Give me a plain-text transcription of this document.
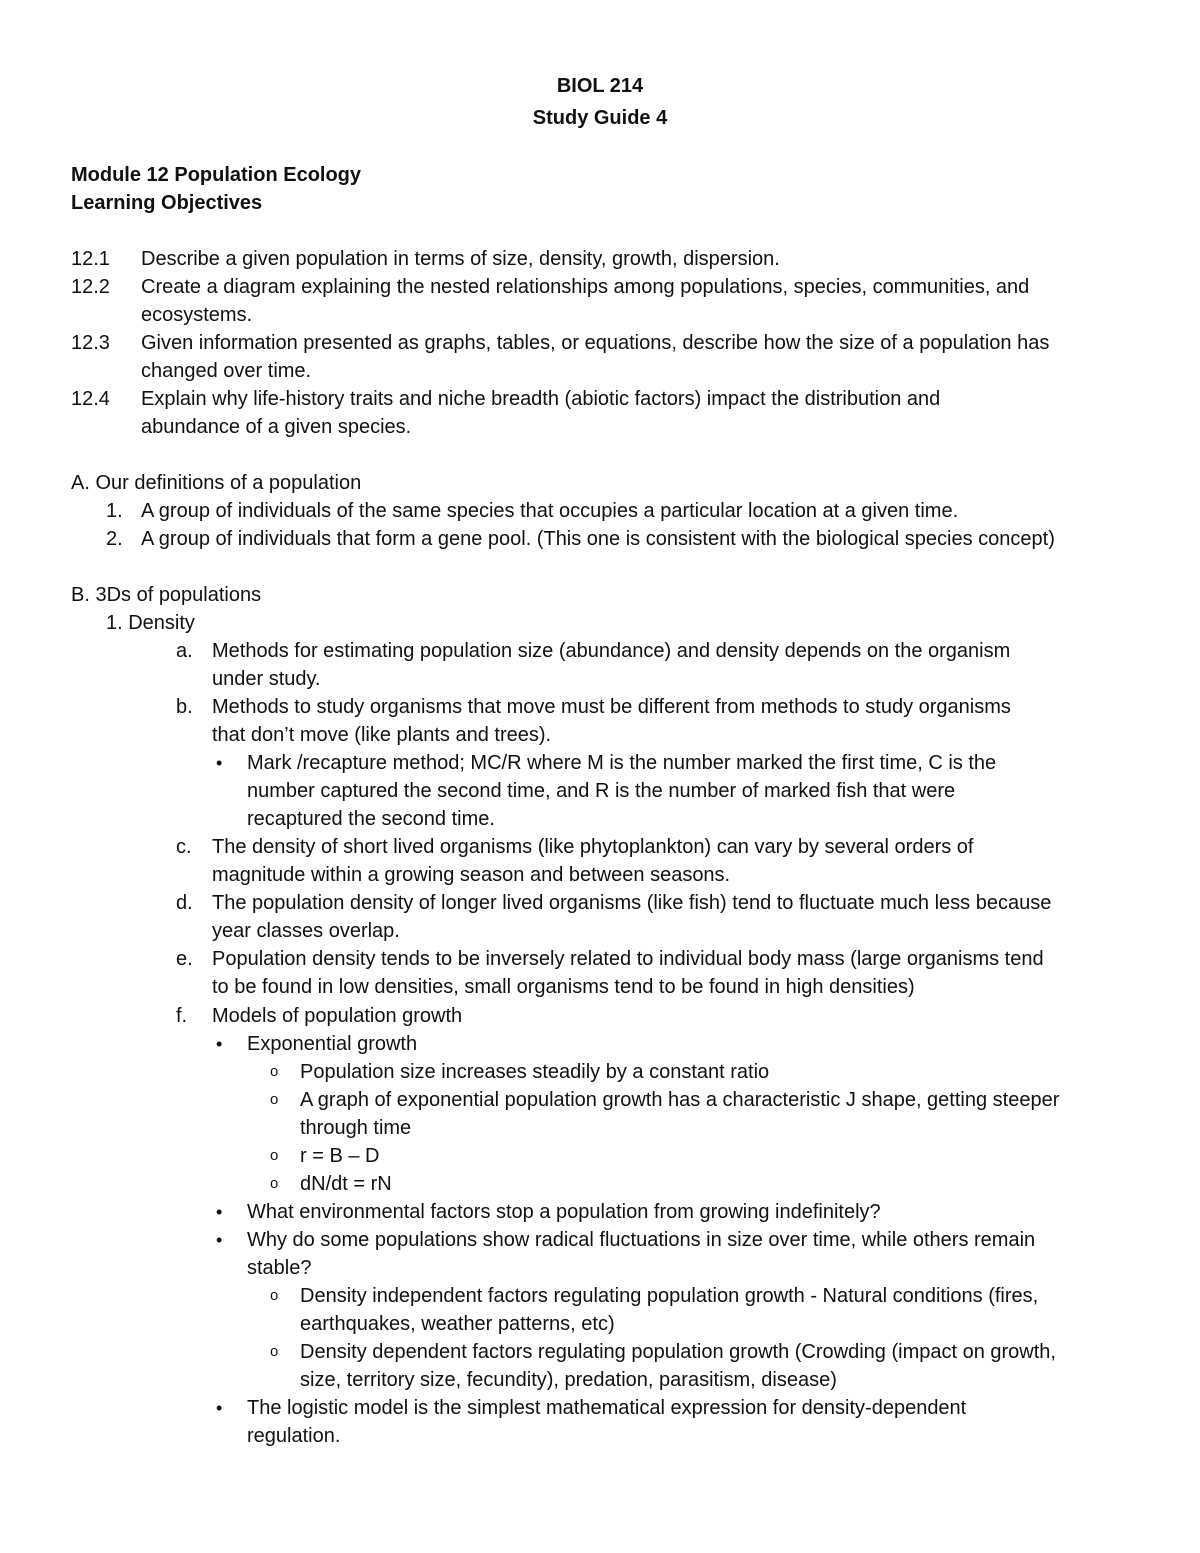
BIOL 214
Study Guide 4
Module 12 Population Ecology
Learning Objectives
12.1 Describe a given population in terms of size, density, growth, dispersion.
12.2 Create a diagram explaining the nested relationships among populations, species, communities, and
ecosystems.
12.3 Given information presented as graphs, tables, or equations, describe how the size of a population has
changed over time.
12.4 Explain why life-history traits and niche breadth (abiotic factors) impact the distribution and
abundance of a given species.
A. Our definitions of a population
1. A group of individuals of the same species that occupies a particular location at a given time.
2. A group of individuals that form a gene pool. (This one is consistent with the biological species concept)
B. 3Ds of populations
1. Density
a. Methods for estimating population size (abundance) and density depends on the organism
under study.
b. Methods to study organisms that move must be different from methods to study organisms
that don’t move (like plants and trees).
• Mark /recapture method; MC/R where M is the number marked the first time, C is the
number captured the second time, and R is the number of marked fish that were
recaptured the second time.
c. The density of short lived organisms (like phytoplankton) can vary by several orders of
magnitude within a growing season and between seasons.
d. The population density of longer lived organisms (like fish) tend to fluctuate much less because
year classes overlap.
e. Population density tends to be inversely related to individual body mass (large organisms tend
to be found in low densities, small organisms tend to be found in high densities)
f. Models of population growth
• Exponential growth
o Population size increases steadily by a constant ratio
o A graph of exponential population growth has a characteristic J shape, getting steeper
through time
o r = B – D
o dN/dt = rN
• What environmental factors stop a population from growing indefinitely?
• Why do some populations show radical fluctuations in size over time, while others remain
stable?
o Density independent factors regulating population growth - Natural conditions (fires,
earthquakes, weather patterns, etc)
o Density dependent factors regulating population growth (Crowding (impact on growth,
size, territory size, fecundity), predation, parasitism, disease)
• The logistic model is the simplest mathematical expression for density-dependent
regulation.
